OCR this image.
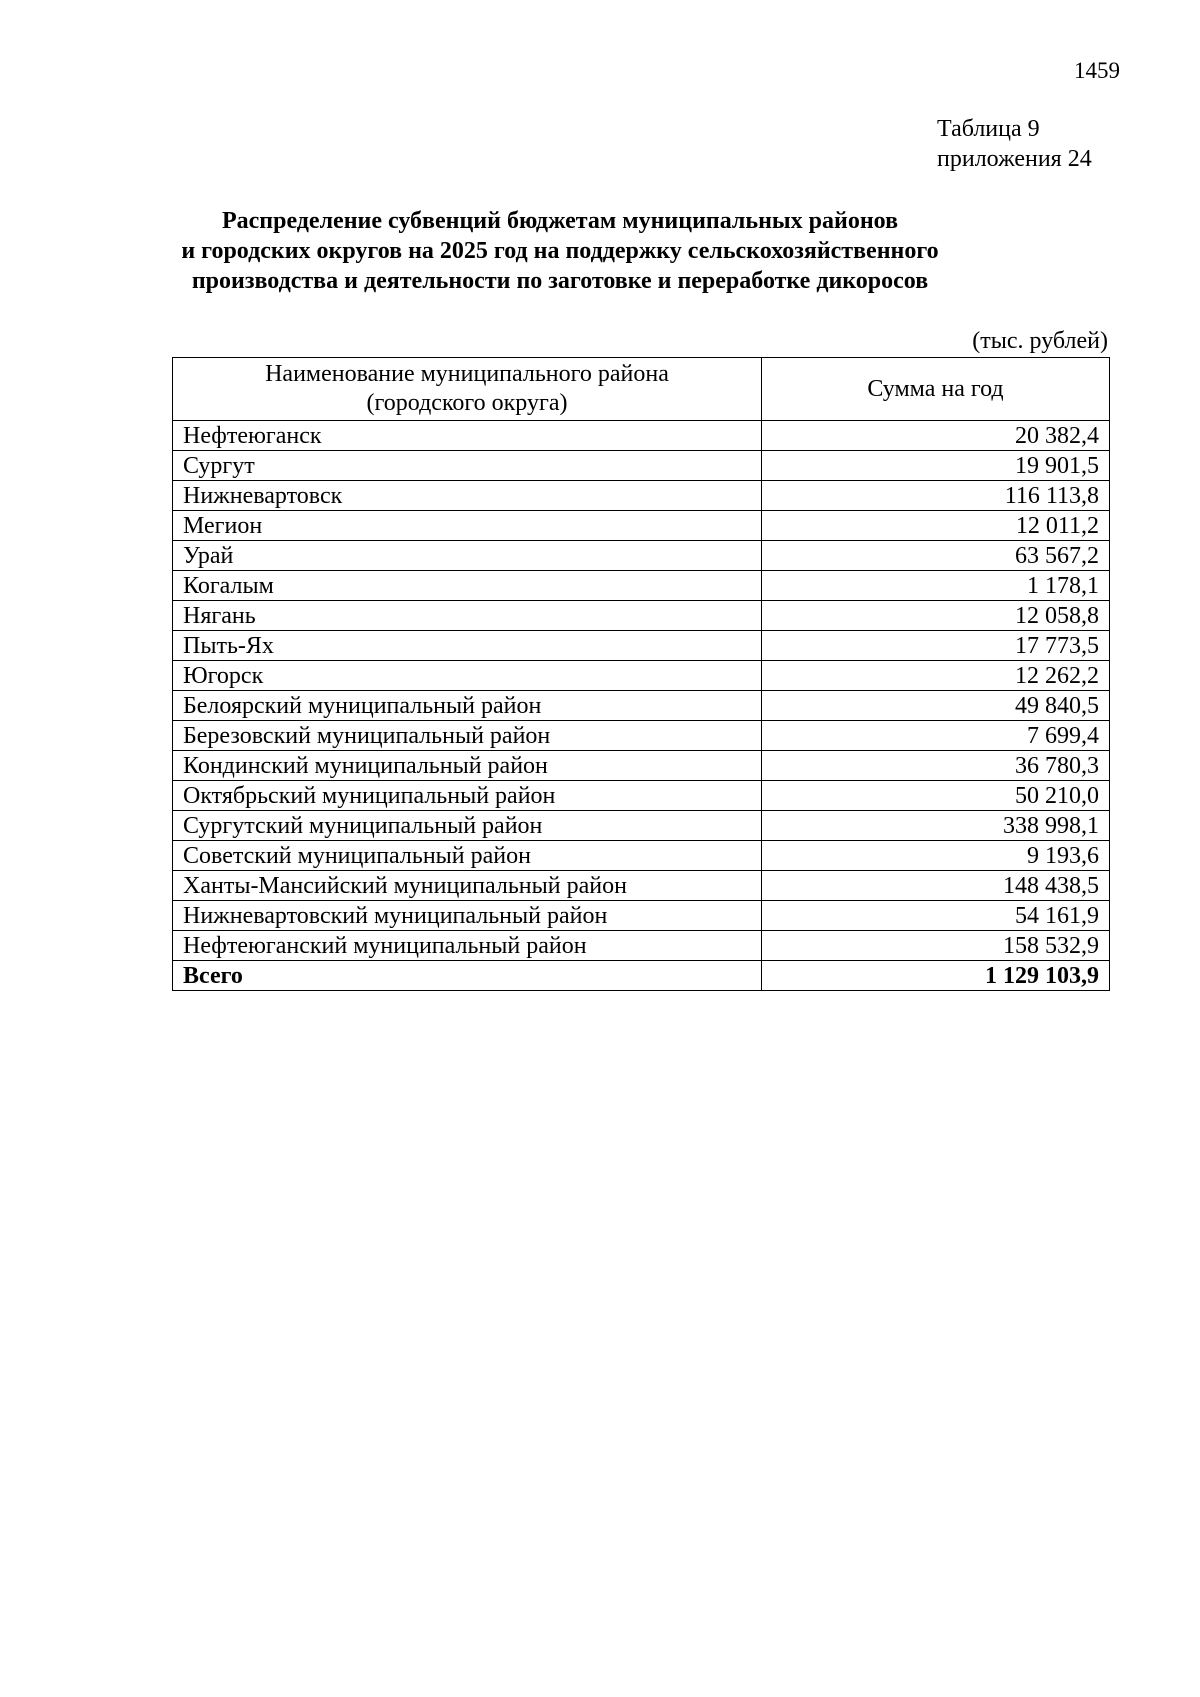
1459
Таблица 9
приложения 24
Распределение субвенций бюджетам муниципальных районов
и городских округов на 2025 год на поддержку сельскохозяйственного
производства и деятельности по заготовке и переработке дикоросов
(тыс. рублей)
Наименование муниципального района
(городского округа)	Сумма на год
Нефтеюганск	20 382,4
Сургут	19 901,5
Нижневартовск	116 113,8
Мегион	12 011,2
Урай	63 567,2
Когалым	1 178,1
Нягань	12 058,8
Пыть-Ях	17 773,5
Югорск	12 262,2
Белоярский муниципальный район	49 840,5
Березовский муниципальный район	7 699,4
Кондинский муниципальный район	36 780,3
Октябрьский муниципальный район	50 210,0
Сургутский муниципальный район	338 998,1
Советский муниципальный район	9 193,6
Ханты-Мансийский муниципальный район	148 438,5
Нижневартовский муниципальный район	54 161,9
Нефтеюганский муниципальный район	158 532,9
Всего	1 129 103,9
